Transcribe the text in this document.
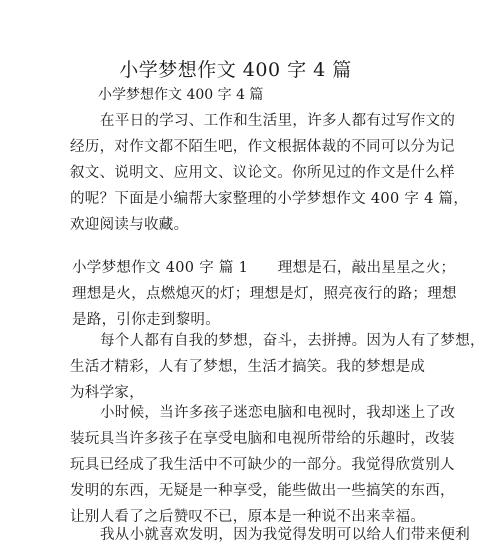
小学梦想作文 400 字 4 篇
小学梦想作文 400 字 4 篇
在平日的学习、工作和生活里，许多人都有过写作文的
经历，对作文都不陌生吧，作文根据体裁的不同可以分为记
叙文、说明文、应用文、议论文。你所见过的作文是什么样
的呢？下面是小编帮大家整理的小学梦想作文 400 字 4 篇，
欢迎阅读与收藏。
小学梦想作文 400 字 篇 1　　理想是石，敲出星星之火；
理想是火，点燃熄灭的灯；理想是灯，照亮夜行的路；理想
是路，引你走到黎明。
每个人都有自我的梦想，奋斗，去拼搏。因为人有了梦想，
生活才精彩，人有了梦想，生活才搞笑。我的梦想是成
为科学家，
小时候，当许多孩子迷恋电脑和电视时，我却迷上了改
装玩具当许多孩子在享受电脑和电视所带给的乐趣时，改装
玩具已经成了我生活中不可缺少的一部分。我觉得欣赏别人
发明的东西，无疑是一种享受，能些做出一些搞笑的东西，
让别人看了之后赞叹不已，原本是一种说不出来幸福。
我从小就喜欢发明，因为我觉得发明可以给人们带来便利
